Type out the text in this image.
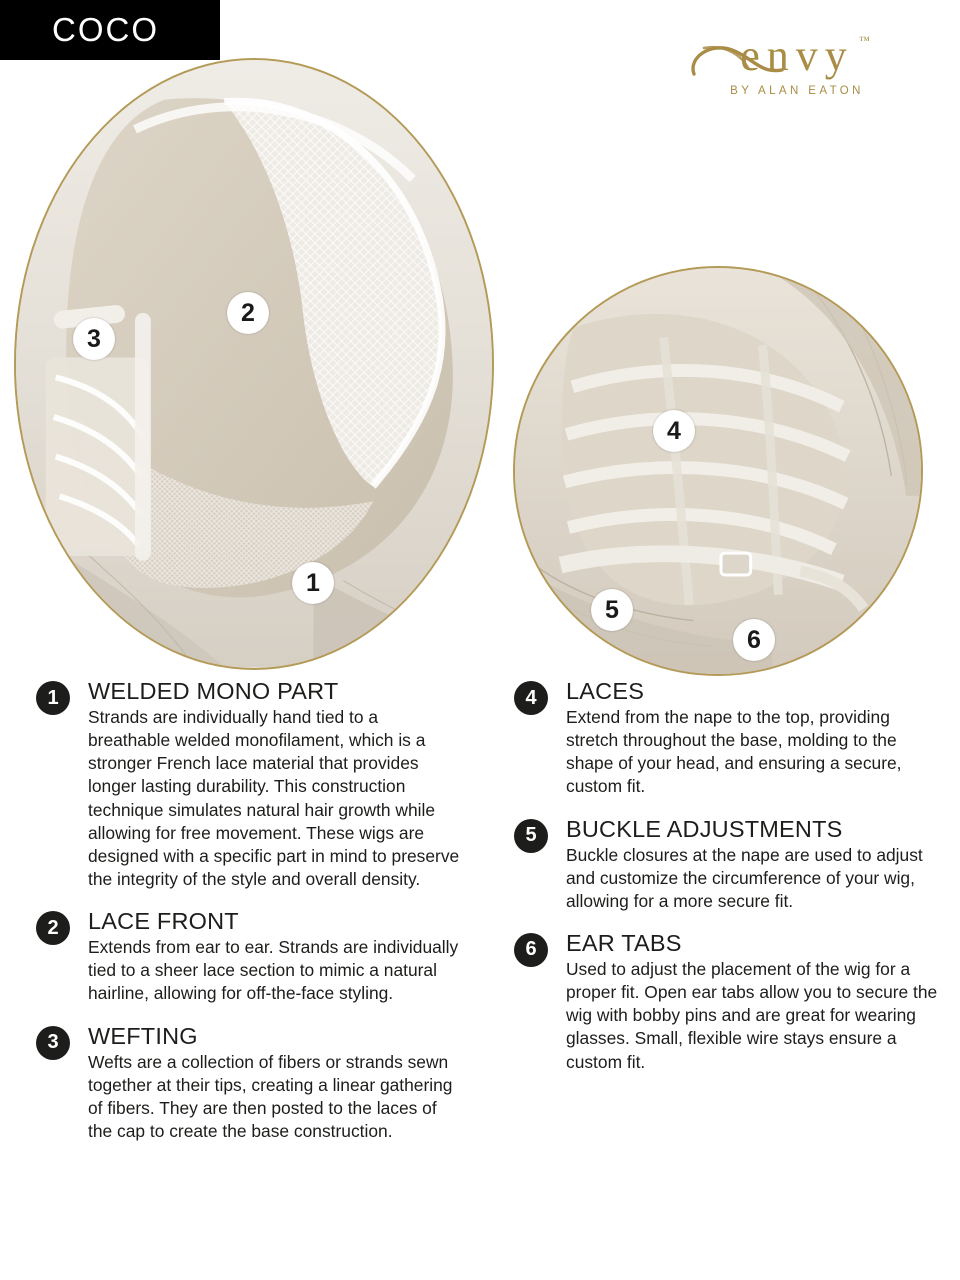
COCO
envy ™
BY ALAN EATON
2
3
1
4
5
6
1 WELDED MONO PART

Strands are individually hand tied to a breathable welded monofilament, which is a stronger French lace material that provides longer lasting durability. This construction technique simulates natural hair growth while allowing for free movement. These wigs are designed with a specific part in mind to preserve the integrity of the style and overall density.

2 LACE FRONT

Extends from ear to ear. Strands are individually tied to a sheer lace section to mimic a natural hairline, allowing for off-the-face styling.

3 WEFTING

Wefts are a collection of fibers or strands sewn together at their tips, creating a linear gathering of fibers. They are then posted to the laces of the cap to create the base construction.

4 LACES

Extend from the nape to the top, providing stretch throughout the base, molding to the shape of your head, and ensuring a secure, custom fit.

5 BUCKLE ADJUSTMENTS

Buckle closures at the nape are used to adjust and customize the circumference of your wig, allowing for a more secure fit.

6 EAR TABS

Used to adjust the placement of the wig for a proper fit. Open ear tabs allow you to secure the wig with bobby pins and are great for wearing glasses. Small, flexible wire stays ensure a custom fit.
